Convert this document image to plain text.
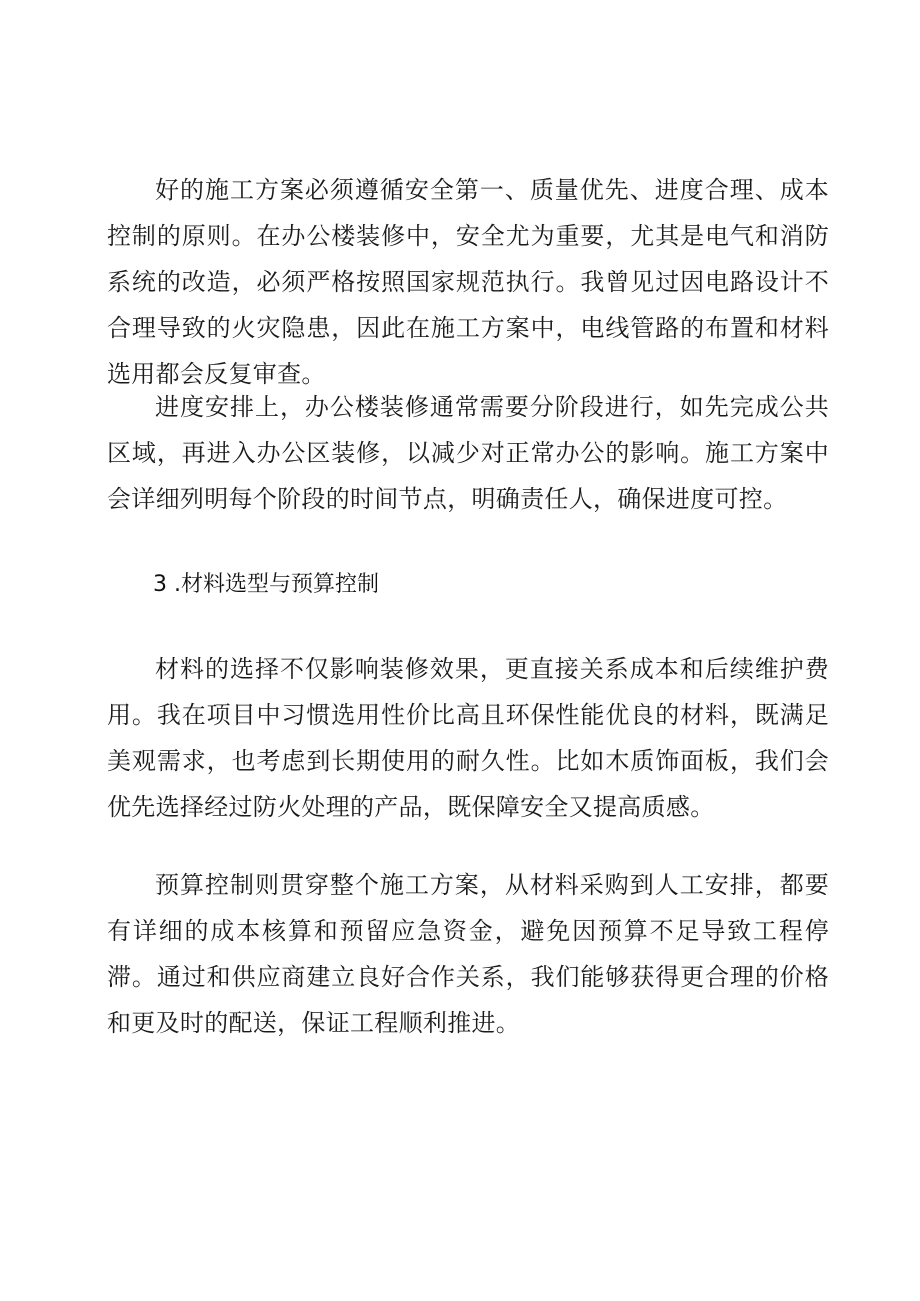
好的施工方案必须遵循安全第一、质量优先、进度合理、成本控制的原则。在办公楼装修中，安全尤为重要，尤其是电气和消防系统的改造，必须严格按照国家规范执行。我曾见过因电路设计不合理导致的火灾隐患，因此在施工方案中，电线管路的布置和材料选用都会反复审查。

进度安排上，办公楼装修通常需要分阶段进行，如先完成公共区域，再进入办公区装修，以减少对正常办公的影响。施工方案中会详细列明每个阶段的时间节点，明确责任人，确保进度可控。

3 .材料选型与预算控制

材料的选择不仅影响装修效果，更直接关系成本和后续维护费用。我在项目中习惯选用性价比高且环保性能优良的材料，既满足美观需求，也考虑到长期使用的耐久性。比如木质饰面板，我们会优先选择经过防火处理的产品，既保障安全又提高质感。

预算控制则贯穿整个施工方案，从材料采购到人工安排，都要有详细的成本核算和预留应急资金，避免因预算不足导致工程停滞。通过和供应商建立良好合作关系，我们能够获得更合理的价格和更及时的配送，保证工程顺利推进。
